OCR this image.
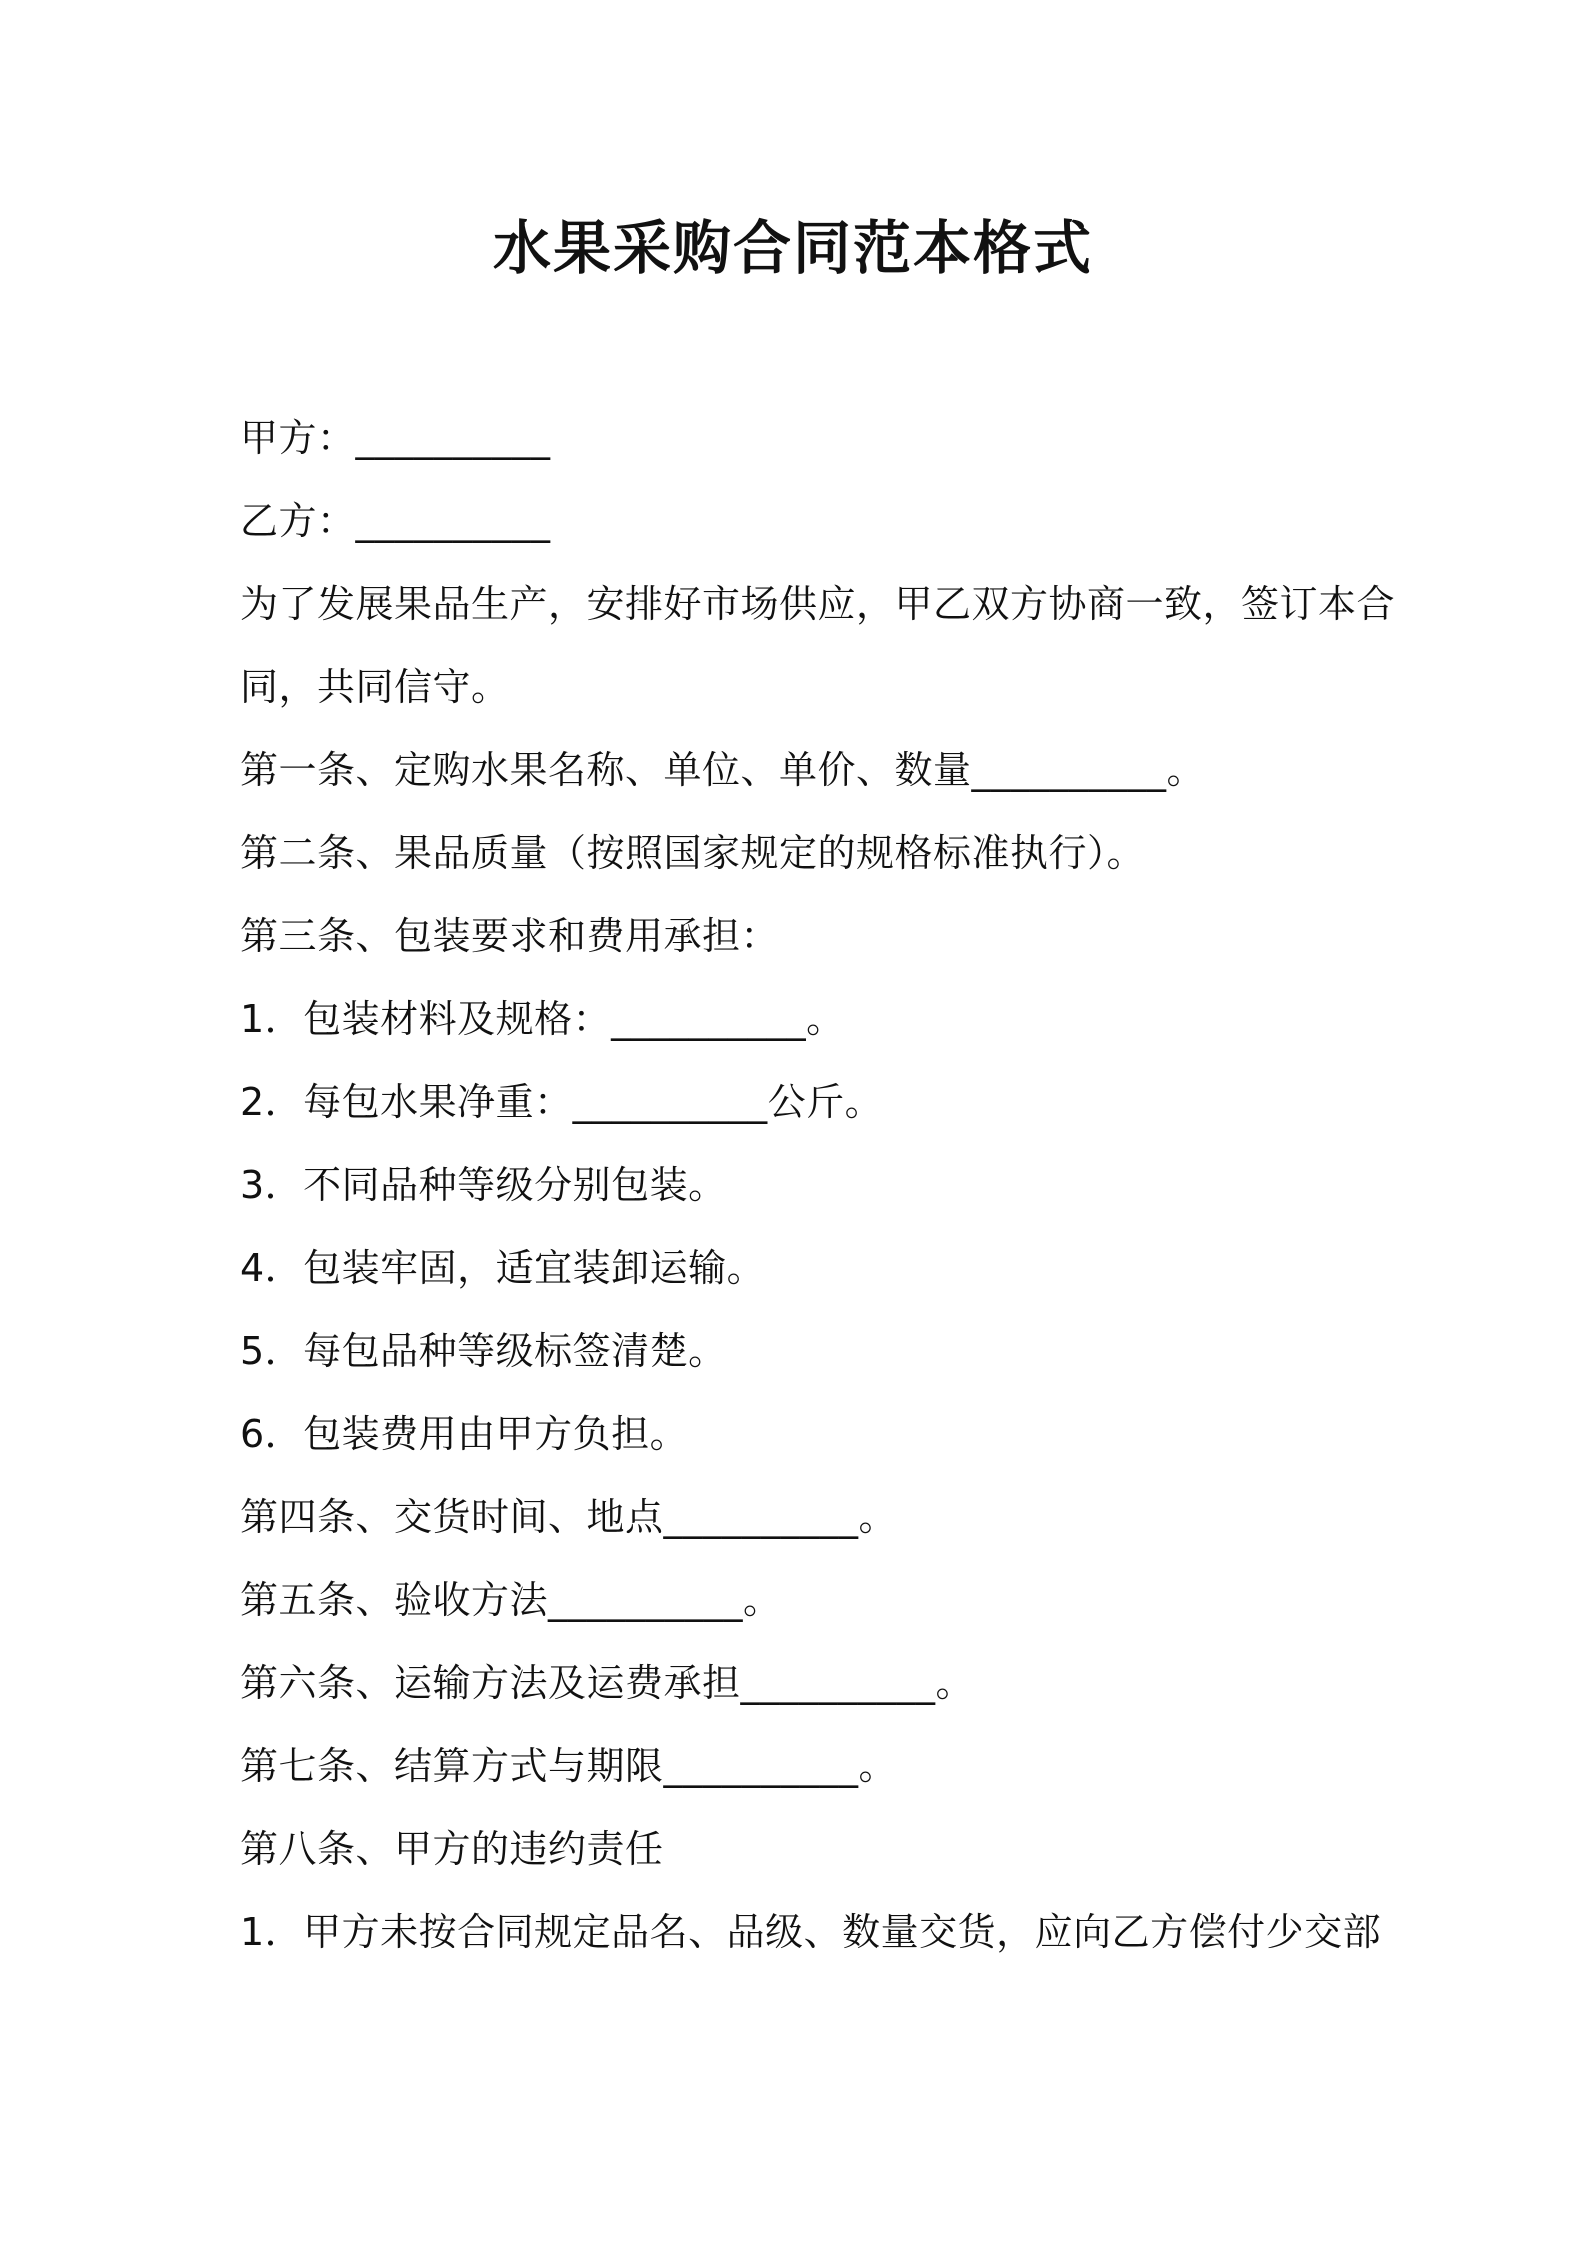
水果采购合同范本格式
甲方：__________
乙方：__________
为了发展果品生产，安排好市场供应，甲乙双方协商一致，签订本合
同，共同信守。
第一条、定购水果名称、单位、单价、数量__________。
第二条、果品质量（按照国家规定的规格标准执行）。
第三条、包装要求和费用承担：
1．包装材料及规格：__________。
2．每包水果净重：__________公斤。
3．不同品种等级分别包装。
4．包装牢固，适宜装卸运输。
5．每包品种等级标签清楚。
6．包装费用由甲方负担。
第四条、交货时间、地点__________。
第五条、验收方法__________。
第六条、运输方法及运费承担__________。
第七条、结算方式与期限__________。
第八条、甲方的违约责任
1．甲方未按合同规定品名、品级、数量交货，应向乙方偿付少交部
